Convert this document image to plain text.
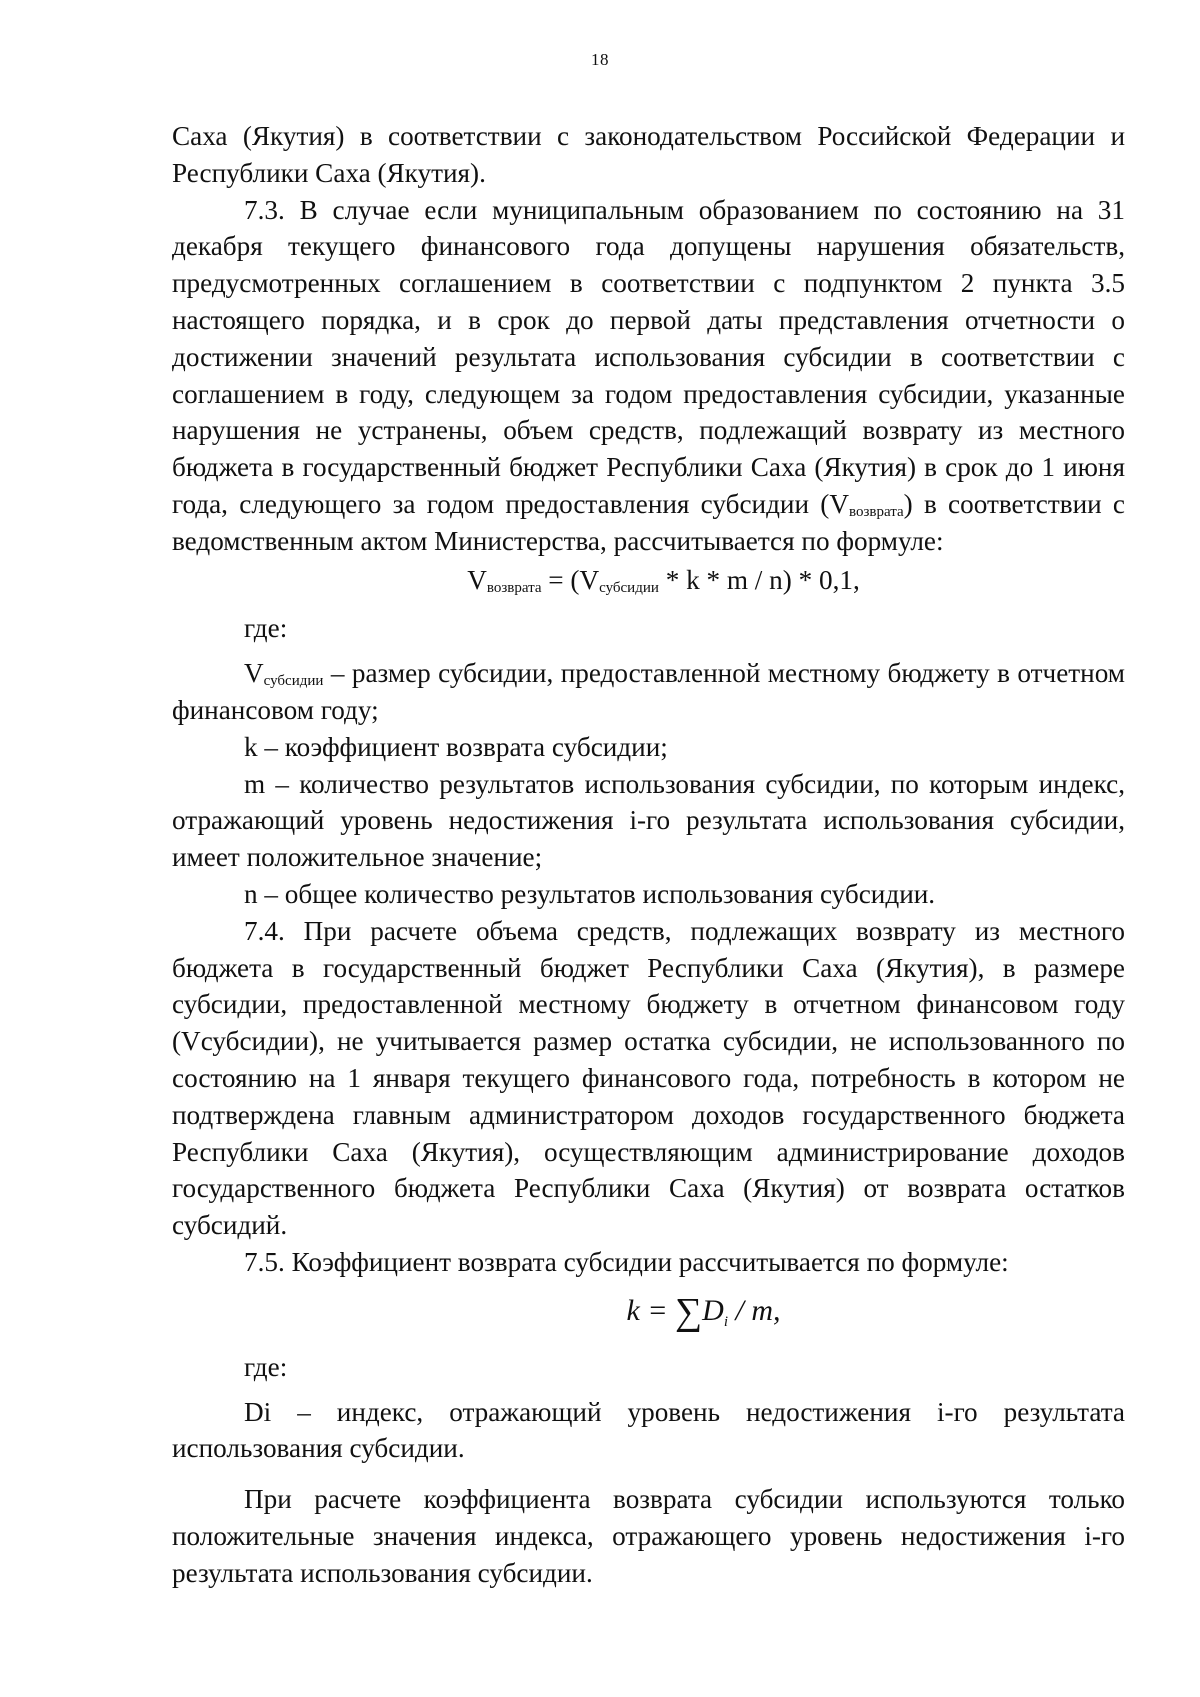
18

Саха (Якутия) в соответствии с законодательством Российской Федерации и Республики Саха (Якутия).

7.3. В случае если муниципальным образованием по состоянию на 31 декабря текущего финансового года допущены нарушения обязательств, предусмотренных соглашением в соответствии с подпунктом 2 пункта 3.5 настоящего порядка, и в срок до первой даты представления отчетности о достижении значений результата использования субсидии в соответствии с соглашением в году, следующем за годом предоставления субсидии, указанные нарушения не устранены, объем средств, подлежащий возврату из местного бюджета в государственный бюджет Республики Саха (Якутия) в срок до 1 июня года, следующего за годом предоставления субсидии $(V_{возврата})$ в соответствии с ведомственным актом Министерства, рассчитывается по формуле:

$V_{возврата} = (V_{субсидии} * k * m / n) * 0,1$,

где:

$V_{субсидии}$ – размер субсидии, предоставленной местному бюджету в отчетном финансовом году;

k – коэффициент возврата субсидии;

m – количество результатов использования субсидии, по которым индекс, отражающий уровень недостижения i-го результата использования субсидии, имеет положительное значение;

n – общее количество результатов использования субсидии.

7.4. При расчете объема средств, подлежащих возврату из местного бюджета в государственный бюджет Республики Саха (Якутия), в размере субсидии, предоставленной местному бюджету в отчетном финансовом году (Vсубсидии), не учитывается размер остатка субсидии, не использованного по состоянию на 1 января текущего финансового года, потребность в котором не подтверждена главным администратором доходов государственного бюджета Республики Саха (Якутия), осуществляющим администрирование доходов государственного бюджета Республики Саха (Якутия) от возврата остатков субсидий.

7.5. Коэффициент возврата субсидии рассчитывается по формуле:

$k = \sum D_i / m$,

где:

Di – индекс, отражающий уровень недостижения i-го результата использования субсидии.

При расчете коэффициента возврата субсидии используются только положительные значения индекса, отражающего уровень недостижения i-го результата использования субсидии.
